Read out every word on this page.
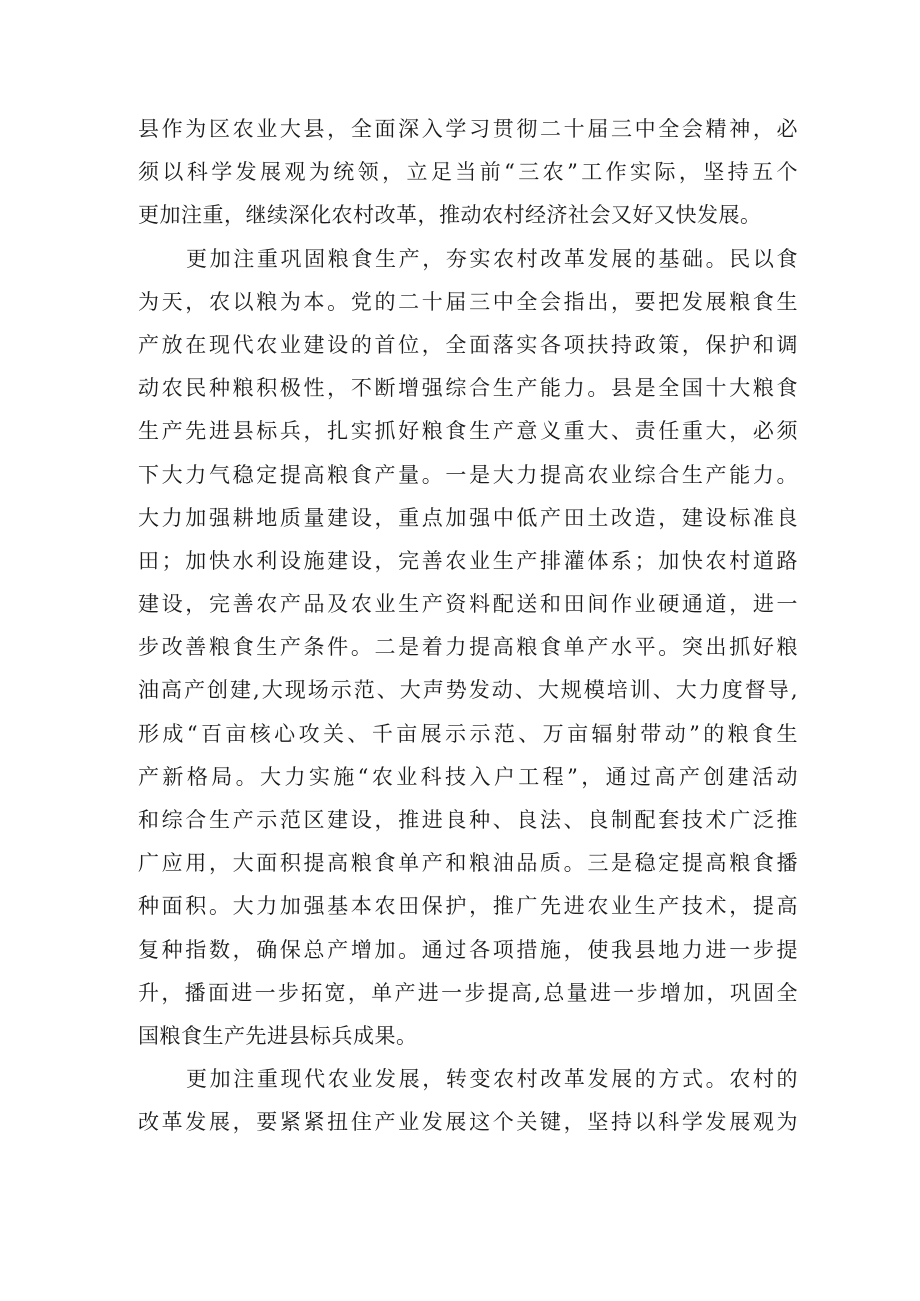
县作为区农业大县，全面深入学习贯彻二十届三中全会精神，必
须以科学发展观为统领，立足当前“三农”工作实际，坚持五个
更加注重，继续深化农村改革，推动农村经济社会又好又快发展。
更加注重巩固粮食生产，夯实农村改革发展的基础。民以食
为天，农以粮为本。党的二十届三中全会指出，要把发展粮食生
产放在现代农业建设的首位，全面落实各项扶持政策，保护和调
动农民种粮积极性，不断增强综合生产能力。县是全国十大粮食
生产先进县标兵，扎实抓好粮食生产意义重大、责任重大，必须
下大力气稳定提高粮食产量。一是大力提高农业综合生产能力。
大力加强耕地质量建设，重点加强中低产田土改造，建设标准良
田；加快水利设施建设，完善农业生产排灌体系；加快农村道路
建设，完善农产品及农业生产资料配送和田间作业硬通道，进一
步改善粮食生产条件。二是着力提高粮食单产水平。突出抓好粮
油高产创建,大现场示范、大声势发动、大规模培训、大力度督导,
形成“百亩核心攻关、千亩展示示范、万亩辐射带动”的粮食生
产新格局。大力实施“农业科技入户工程”，通过高产创建活动
和综合生产示范区建设，推进良种、良法、良制配套技术广泛推
广应用，大面积提高粮食单产和粮油品质。三是稳定提高粮食播
种面积。大力加强基本农田保护，推广先进农业生产技术，提高
复种指数，确保总产增加。通过各项措施，使我县地力进一步提
升，播面进一步拓宽，单产进一步提高,总量进一步增加，巩固全
国粮食生产先进县标兵成果。
更加注重现代农业发展，转变农村改革发展的方式。农村的
改革发展，要紧紧扭住产业发展这个关键，坚持以科学发展观为
